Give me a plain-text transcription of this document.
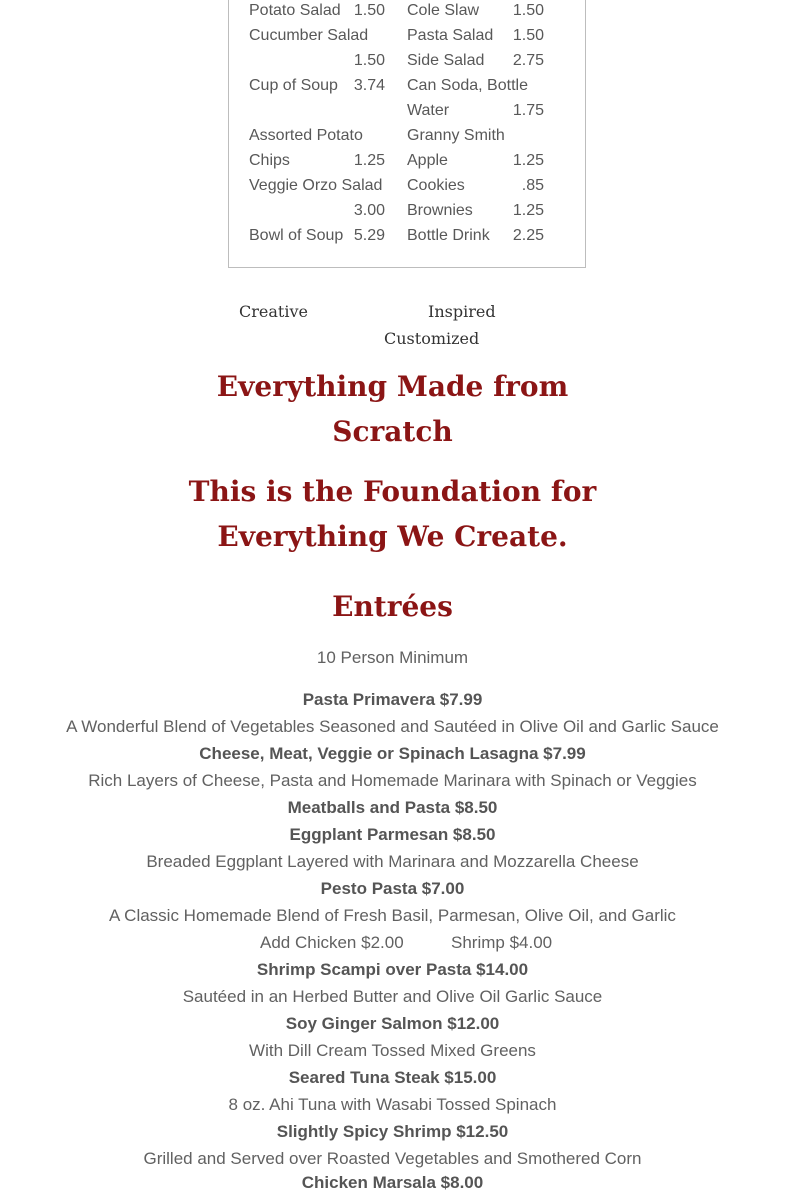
Potato Salad
Cucumber Salad
Cup of Soup
Assorted Potato
Chips
Veggie Orzo Salad
Bowl of Soup
1.50
1.50
3.74
1.25
3.00
5.29
Cole Slaw
Pasta Salad
Side Salad
Can Soda, Bottle
Water
Granny Smith
Apple
Cookies
Brownies
Bottle Drink
1.50
1.50
2.75
1.75
1.25
.85
1.25
2.25
Creative	Inspired
Customized
Everything Made from
Scratch
This is the Foundation for
Everything We Create.
Entrées
10 Person Minimum
Pasta Primavera $7.99
A Wonderful Blend of Vegetables Seasoned and Sautéed in Olive Oil and Garlic Sauce
Cheese, Meat, Veggie or Spinach Lasagna $7.99
Rich Layers of Cheese, Pasta and Homemade Marinara with Spinach or Veggies
Meatballs and Pasta $8.50
Eggplant Parmesan $8.50
Breaded Eggplant Layered with Marinara and Mozzarella Cheese
Pesto Pasta $7.00
A Classic Homemade Blend of Fresh Basil, Parmesan, Olive Oil, and Garlic
Add Chicken $2.00	Shrimp $4.00
Shrimp Scampi over Pasta $14.00
Sautéed in an Herbed Butter and Olive Oil Garlic Sauce
Soy Ginger Salmon $12.00
With Dill Cream Tossed Mixed Greens
Seared Tuna Steak $15.00
8 oz. Ahi Tuna with Wasabi Tossed Spinach
Slightly Spicy Shrimp $12.50
Grilled and Served over Roasted Vegetables and Smothered Corn
Chicken Marsala $8.00
